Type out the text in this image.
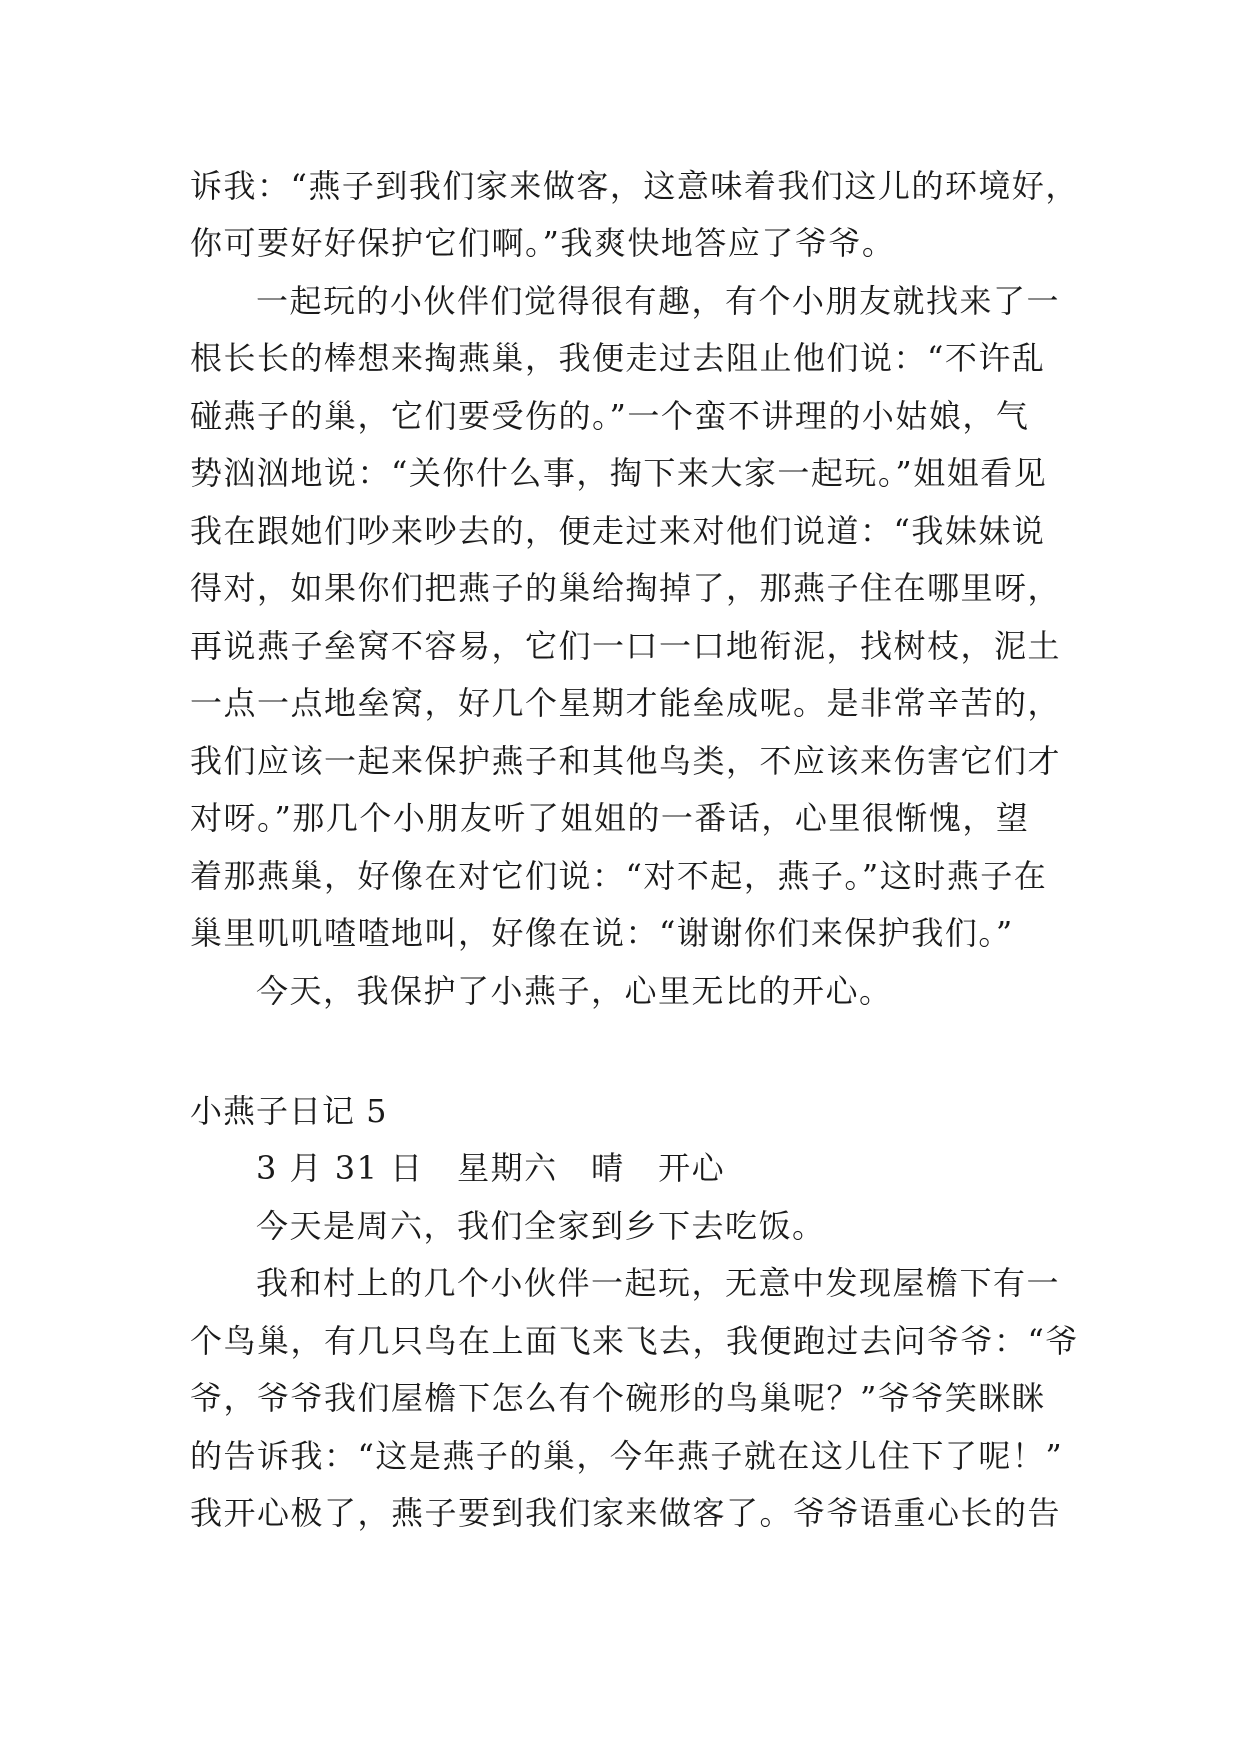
诉我：“燕子到我们家来做客，这意味着我们这儿的环境好，
你可要好好保护它们啊。”我爽快地答应了爷爷。
一起玩的小伙伴们觉得很有趣，有个小朋友就找来了一
根长长的棒想来掏燕巢，我便走过去阻止他们说：“不许乱
碰燕子的巢，它们要受伤的。”一个蛮不讲理的小姑娘，气
势汹汹地说：“关你什么事，掏下来大家一起玩。”姐姐看见
我在跟她们吵来吵去的，便走过来对他们说道：“我妹妹说
得对，如果你们把燕子的巢给掏掉了，那燕子住在哪里呀，
再说燕子垒窝不容易，它们一口一口地衔泥，找树枝，泥土
一点一点地垒窝，好几个星期才能垒成呢。是非常辛苦的，
我们应该一起来保护燕子和其他鸟类，不应该来伤害它们才
对呀。”那几个小朋友听了姐姐的一番话，心里很惭愧，望
着那燕巢，好像在对它们说：“对不起，燕子。”这时燕子在
巢里叽叽喳喳地叫，好像在说：“谢谢你们来保护我们。”
今天，我保护了小燕子，心里无比的开心。
小燕子日记 5
3 月 31 日　星期六　晴　开心
今天是周六，我们全家到乡下去吃饭。
我和村上的几个小伙伴一起玩，无意中发现屋檐下有一
个鸟巢，有几只鸟在上面飞来飞去，我便跑过去问爷爷：“爷
爷，爷爷我们屋檐下怎么有个碗形的鸟巢呢？”爷爷笑眯眯
的告诉我：“这是燕子的巢，今年燕子就在这儿住下了呢！”
我开心极了，燕子要到我们家来做客了。爷爷语重心长的告
